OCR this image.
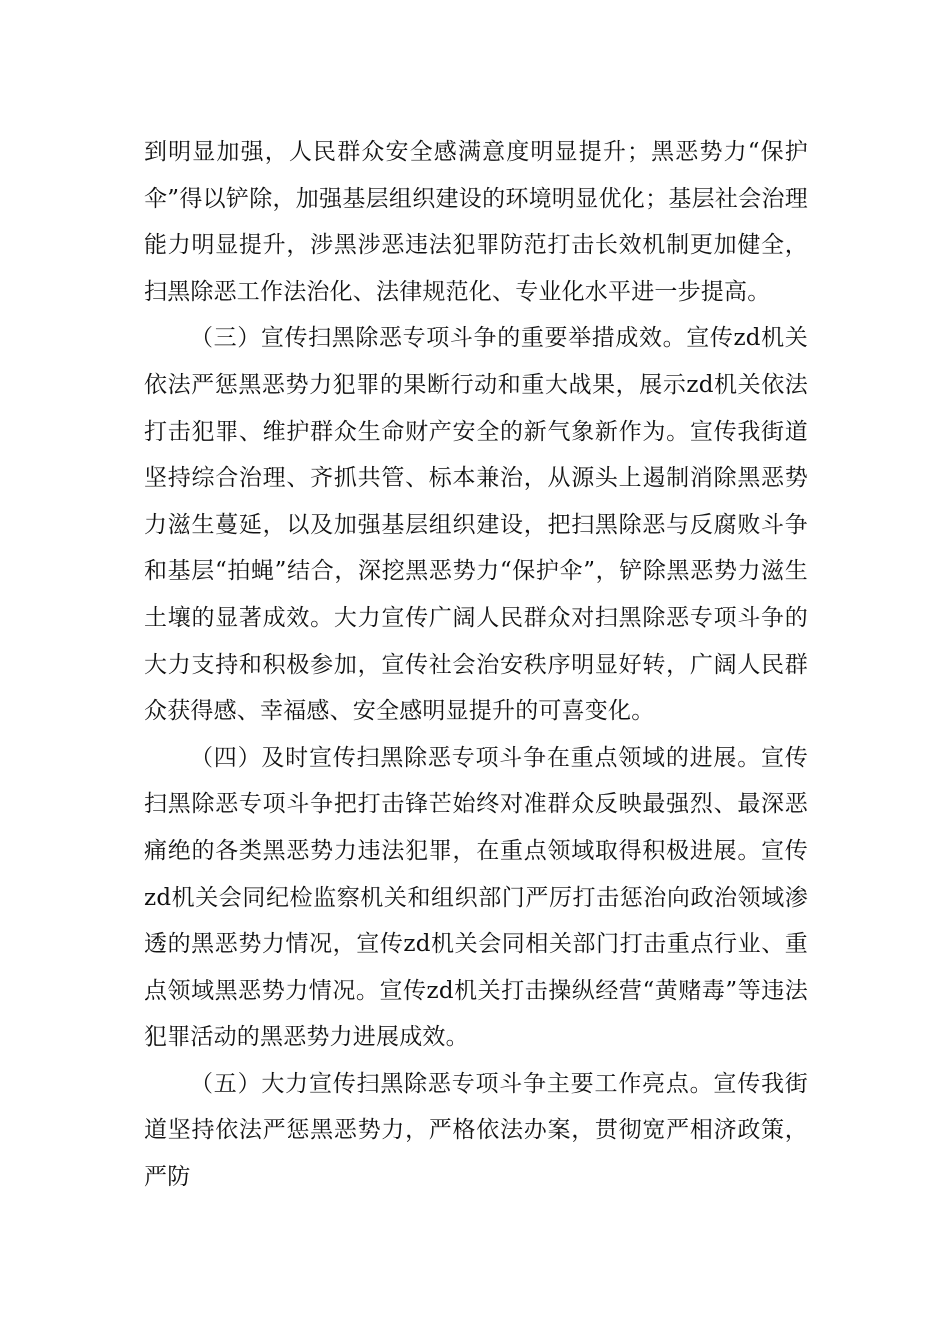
到明显加强，人民群众安全感满意度明显提升；黑恶势力“保护伞”得以铲除，加强基层组织建设的环境明显优化；基层社会治理能力明显提升，涉黑涉恶违法犯罪防范打击长效机制更加健全，扫黑除恶工作法治化、法律规范化、专业化水平进一步提高。

（三）宣传扫黑除恶专项斗争的重要举措成效。宣传zd机关依法严惩黑恶势力犯罪的果断行动和重大战果，展示zd机关依法打击犯罪、维护群众生命财产安全的新气象新作为。宣传我街道坚持综合治理、齐抓共管、标本兼治，从源头上遏制消除黑恶势力滋生蔓延，以及加强基层组织建设，把扫黑除恶与反腐败斗争和基层“拍蝇”结合，深挖黑恶势力“保护伞”，铲除黑恶势力滋生土壤的显著成效。大力宣传广阔人民群众对扫黑除恶专项斗争的大力支持和积极参加，宣传社会治安秩序明显好转，广阔人民群众获得感、幸福感、安全感明显提升的可喜变化。

（四）及时宣传扫黑除恶专项斗争在重点领域的进展。宣传扫黑除恶专项斗争把打击锋芒始终对准群众反映最强烈、最深恶痛绝的各类黑恶势力违法犯罪，在重点领域取得积极进展。宣传zd机关会同纪检监察机关和组织部门严厉打击惩治向政治领域渗透的黑恶势力情况，宣传zd机关会同相关部门打击重点行业、重点领域黑恶势力情况。宣传zd机关打击操纵经营“黄赌毒”等违法犯罪活动的黑恶势力进展成效。

（五）大力宣传扫黑除恶专项斗争主要工作亮点。宣传我街道坚持依法严惩黑恶势力，严格依法办案，贯彻宽严相济政策，严防
